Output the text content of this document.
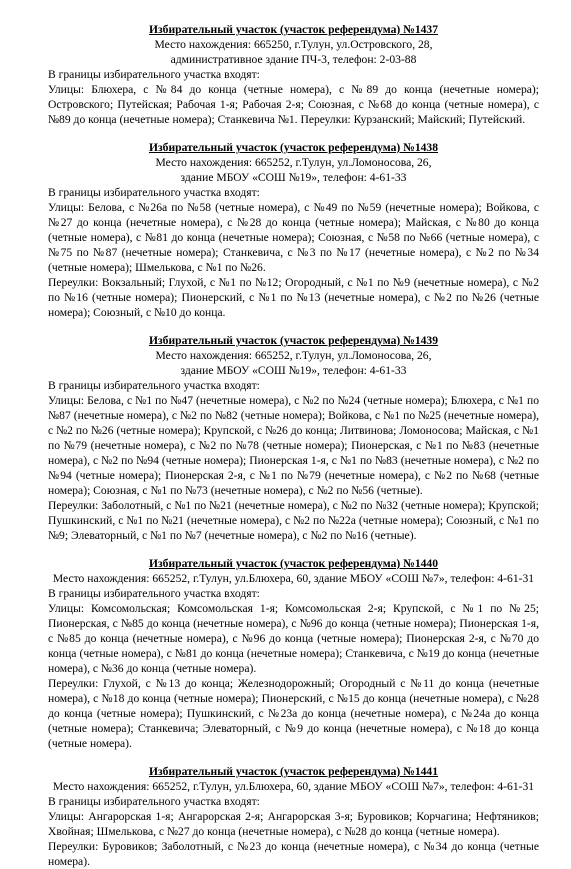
Избирательный участок (участок референдума) №1437

Место нахождения: 665250, г.Тулун, ул.Островского, 28,

административное здание ПЧ-3, телефон: 2-03-88

В границы избирательного участка входят:

Улицы: Блюхера, с №84 до конца (четные номера), с №89 до конца (нечетные номера); Островского; Путейская; Рабочая 1-я; Рабочая 2-я; Союзная, с №68 до конца (четные номера), с №89 до конца (нечетные номера); Станкевича №1. Переулки: Курзанский; Майский; Путейский.

Избирательный участок (участок референдума) №1438

Место нахождения: 665252, г.Тулун, ул.Ломоносова, 26,

здание МБОУ «СОШ №19», телефон: 4-61-33

В границы избирательного участка входят:

Улицы: Белова, с №26а по №58 (четные номера), с №49 по №59 (нечетные номера); Войкова, с №27 до конца (нечетные номера), с №28 до конца (четные номера); Майская, с №80 до конца (четные номера), с №81 до конца (нечетные номера); Союзная, с №58 по №66 (четные номера), с №75 по №87 (нечетные номера); Станкевича, с №3 по №17 (нечетные номера), с №2 по №34 (четные номера); Шмелькова, с №1 по №26.

Переулки: Вокзальный; Глухой, с №1 по №12; Огородный, с №1 по №9 (нечетные номера), с №2 по №16 (четные номера); Пионерский, с №1 по №13 (нечетные номера), с №2 по №26 (четные номера); Союзный, с №10 до конца.

Избирательный участок (участок референдума) №1439

Место нахождения: 665252, г.Тулун, ул.Ломоносова, 26,

здание МБОУ «СОШ №19», телефон: 4-61-33

В границы избирательного участка входят:

Улицы: Белова, с №1 по №47 (нечетные номера), с №2 по №24 (четные номера); Блюхера, с №1 по №87 (нечетные номера), с №2 по №82 (четные номера); Войкова, с №1 по №25 (нечетные номера), с №2 по №26 (четные номера); Крупской, с №26 до конца; Литвинова; Ломоносова; Майская, с №1 по №79 (нечетные номера), с №2 по №78 (четные номера); Пионерская, с №1 по №83 (нечетные номера), с №2 по №94 (четные номера); Пионерская 1-я, с №1 по №83 (нечетные номера), с №2 по №94 (четные номера); Пионерская 2-я, с №1 по №79 (нечетные номера), с №2 по №68 (четные номера); Союзная, с №1 по №73 (нечетные номера), с №2 по №56 (четные).

Переулки: Заболотный, с №1 по №21 (нечетные номера), с №2 по №32 (четные номера); Крупской; Пушкинский, с №1 по №21 (нечетные номера), с №2 по №22а (четные номера); Союзный, с №1 по №9; Элеваторный, с №1 по №7 (нечетные номера), с №2 по №16 (четные).

Избирательный участок (участок референдума) №1440

Место нахождения: 665252, г.Тулун, ул.Блюхера, 60, здание МБОУ «СОШ №7», телефон: 4-61-31

В границы избирательного участка входят:

Улицы: Комсомольская; Комсомольская 1-я; Комсомольская 2-я; Крупской, с №1 по №25; Пионерская, с №85 до конца (нечетные номера), с №96 до конца (четные номера); Пионерская 1-я, с №85 до конца (нечетные номера), с №96 до конца (четные номера); Пионерская 2-я, с №70 до конца (четные номера), с №81 до конца (нечетные номера); Станкевича, с №19 до конца (нечетные номера), с №36 до конца (четные номера).

Переулки: Глухой, с №13 до конца; Железнодорожный; Огородный с №11 до конца (нечетные номера), с №18 до конца (четные номера); Пионерский, с №15 до конца (нечетные номера), с №28 до конца (четные номера); Пушкинский, с №23а до конца (нечетные номера), с №24а до конца (четные номера); Станкевича; Элеваторный, с №9 до конца (нечетные номера), с №18 до конца (четные номера).

Избирательный участок (участок референдума) №1441

Место нахождения: 665252, г.Тулун, ул.Блюхера, 60, здание МБОУ «СОШ №7», телефон: 4-61-31

В границы избирательного участка входят:

Улицы: Ангарорская 1-я; Ангарорская 2-я; Ангарорская 3-я; Буровиков; Корчагина; Нефтяников; Хвойная; Шмелькова, с №27 до конца (нечетные номера), с №28 до конца (четные номера).

Переулки: Буровиков; Заболотный, с №23 до конца (нечетные номера), с №34 до конца (четные номера).
